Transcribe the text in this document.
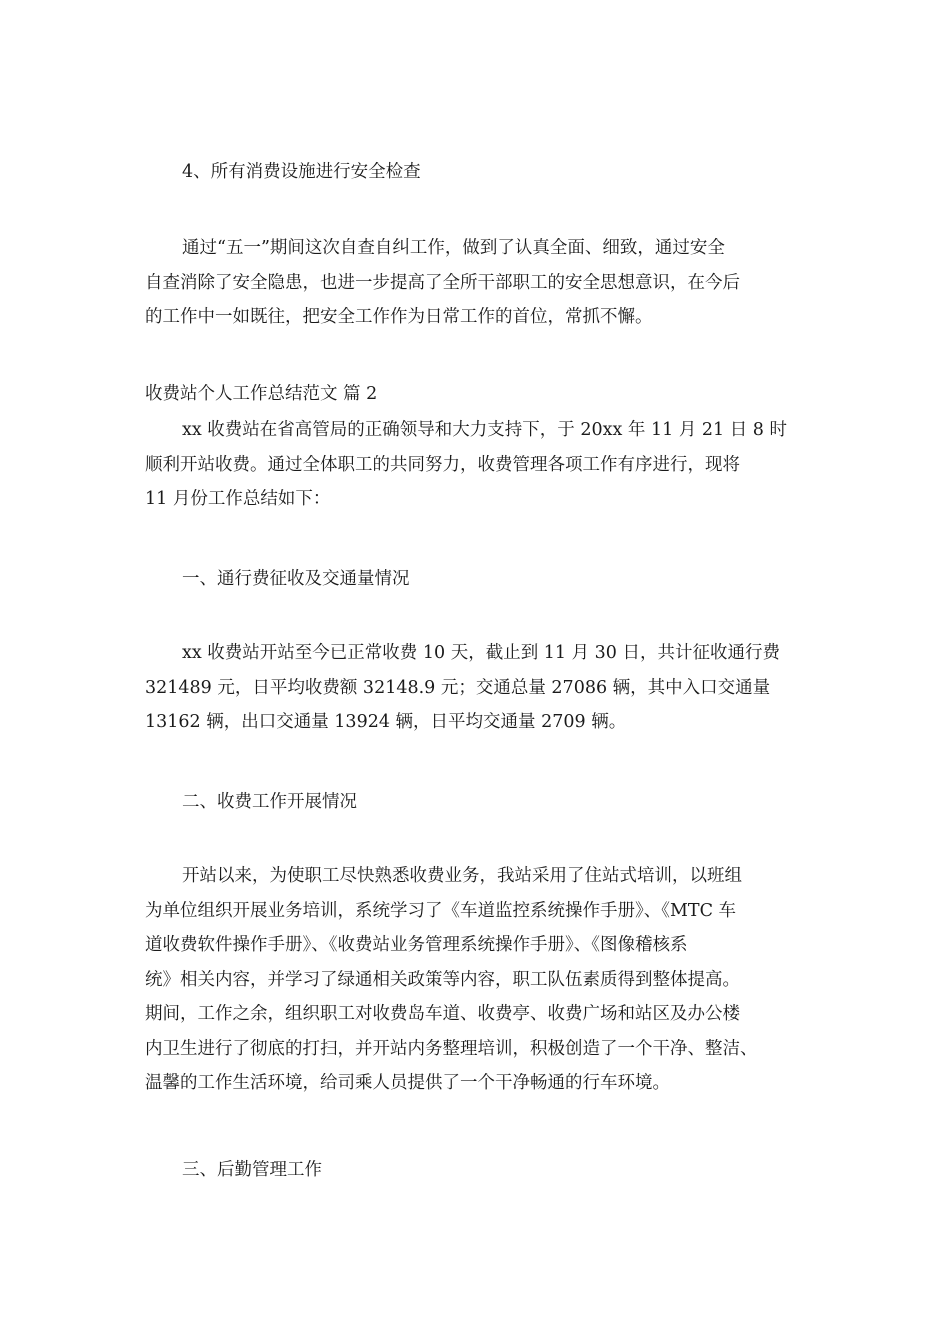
4、所有消费设施进行安全检查

通过“五一”期间这次自查自纠工作，做到了认真全面、细致，通过安全
自查消除了安全隐患，也进一步提高了全所干部职工的安全思想意识，在今后
的工作中一如既往，把安全工作作为日常工作的首位，常抓不懈。

收费站个人工作总结范文 篇 2

xx 收费站在省高管局的正确领导和大力支持下，于 20xx 年 11 月 21 日 8 时
顺利开站收费。通过全体职工的共同努力，收费管理各项工作有序进行，现将
11 月份工作总结如下：

一、通行费征收及交通量情况

xx 收费站开站至今已正常收费 10 天，截止到 11 月 30 日，共计征收通行费
321489 元，日平均收费额 32148.9 元；交通总量 27086 辆，其中入口交通量
13162 辆，出口交通量 13924 辆，日平均交通量 2709 辆。

二、收费工作开展情况

开站以来，为使职工尽快熟悉收费业务，我站采用了住站式培训，以班组
为单位组织开展业务培训，系统学习了《车道监控系统操作手册》、《MTC 车
道收费软件操作手册》、《收费站业务管理系统操作手册》、《图像稽核系
统》相关内容，并学习了绿通相关政策等内容，职工队伍素质得到整体提高。
期间，工作之余，组织职工对收费岛车道、收费亭、收费广场和站区及办公楼
内卫生进行了彻底的打扫，并开站内务整理培训，积极创造了一个干净、整洁、
温馨的工作生活环境，给司乘人员提供了一个干净畅通的行车环境。

三、后勤管理工作
